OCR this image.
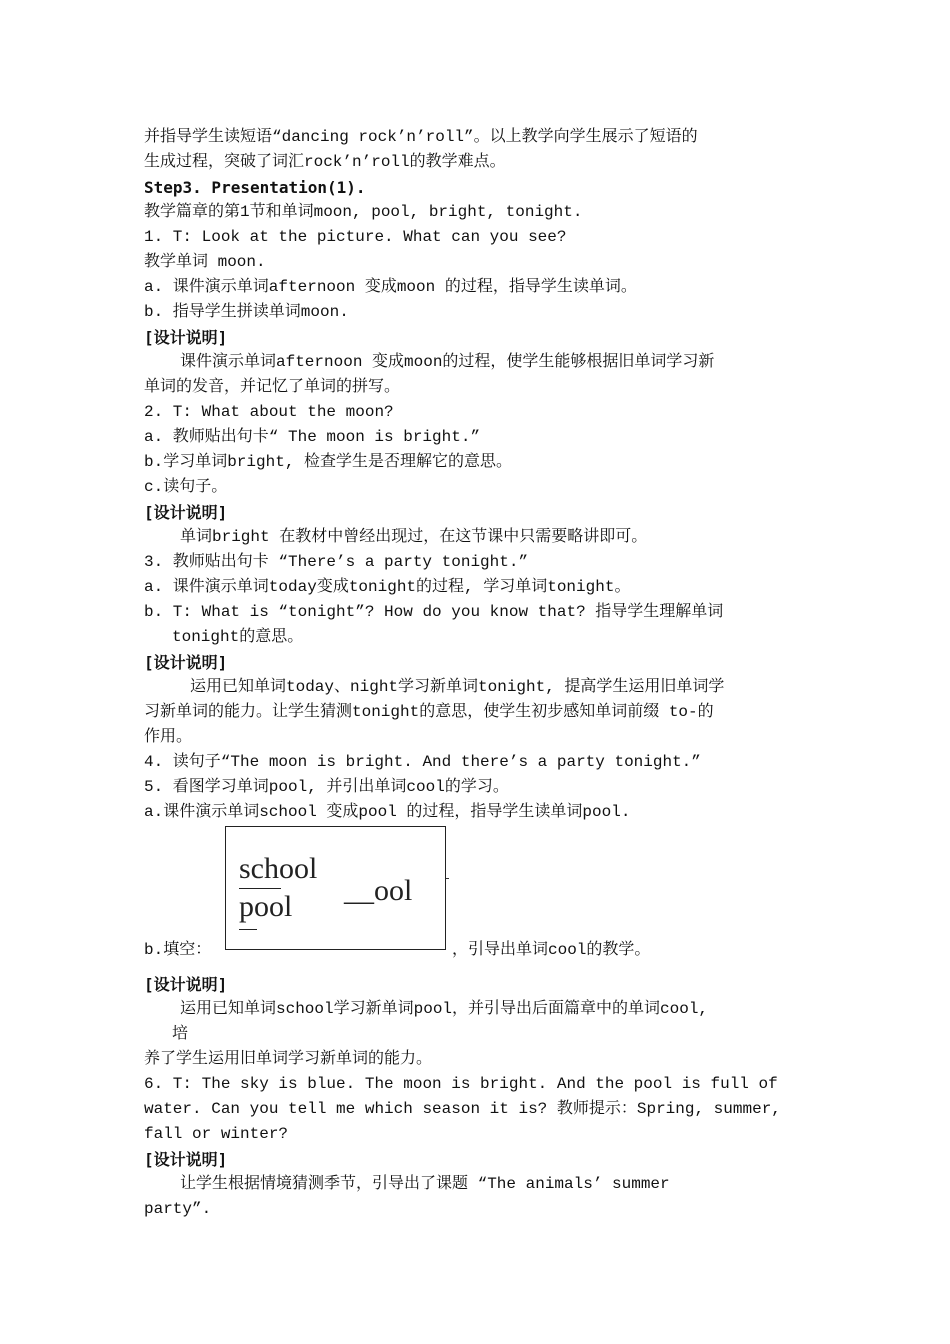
并指导学生读短语“dancing rock’n’roll”。以上教学向学生展示了短语的
生成过程，突破了词汇rock’n’roll的教学难点。
Step3. Presentation(1).
教学篇章的第1节和单词moon, pool, bright, tonight.
1. T: Look at the picture. What can you see?
教学单词 moon.
a. 课件演示单词afternoon 变成moon 的过程，指导学生读单词。
b. 指导学生拼读单词moon.
[设计说明]
课件演示单词afternoon 变成moon的过程，使学生能够根据旧单词学习新
单词的发音，并记忆了单词的拼写。
2. T: What about the moon?
a. 教师贴出句卡“ The moon is bright.”
b.学习单词bright, 检查学生是否理解它的意思。
c.读句子。
[设计说明]
单词bright 在教材中曾经出现过，在这节课中只需要略讲即可。
3. 教师贴出句卡 “There’s a party tonight.”
a. 课件演示单词today变成tonight的过程, 学习单词tonight。
b. T: What is “tonight”? How do you know that? 指导学生理解单词
tonight的意思。
[设计说明]
运用已知单词today、night学习新单词tonight, 提高学生运用旧单词学
习新单词的能力。让学生猜测tonight的意思，使学生初步感知单词前缀 to-的
作用。
4. 读句子“The moon is bright. And there’s a party tonight.”
5. 看图学习单词pool, 并引出单词cool的学习。
a.课件演示单词school 变成pool 的过程，指导学生读单词pool.
school
pool __ool
b.填空：	，引导出单词cool的教学。
[设计说明]
运用已知单词school学习新单词pool，并引导出后面篇章中的单词cool,
培
养了学生运用旧单词学习新单词的能力。
6. T: The sky is blue. The moon is bright. And the pool is full of
water. Can you tell me which season it is? 教师提示：Spring, summer,
fall or winter?
[设计说明]
让学生根据情境猜测季节，引导出了课题 “The animals’ summer
party”.
